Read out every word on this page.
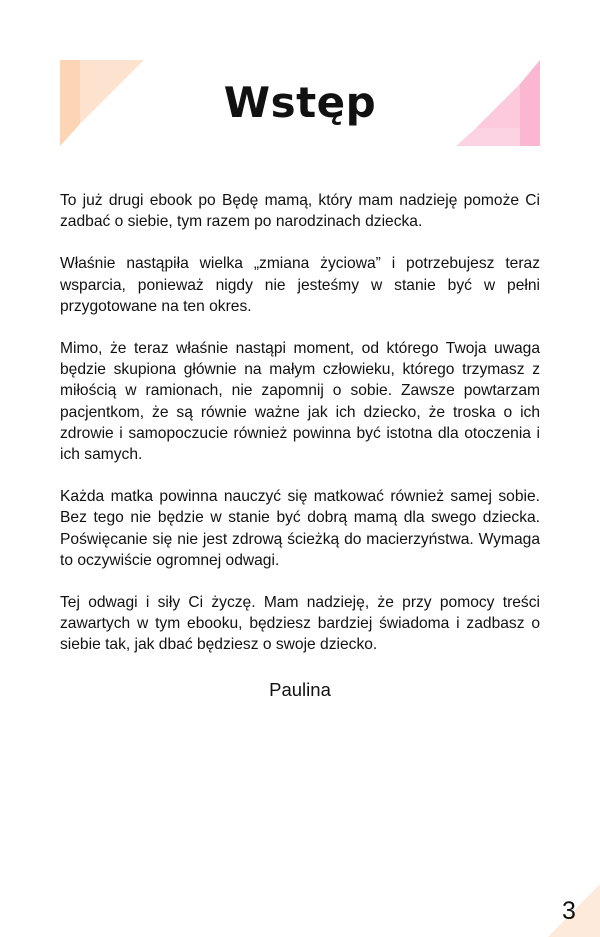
Wstęp

To już drugi ebook po Będę mamą, który mam nadzieję pomoże Ci zadbać o siebie, tym razem po narodzinach dziecka.

Właśnie nastąpiła wielka „zmiana życiowa” i potrzebujesz teraz wsparcia, ponieważ nigdy nie jesteśmy w stanie być w pełni przygotowane na ten okres.

Mimo, że teraz właśnie nastąpi moment, od którego Twoja uwaga będzie skupiona głównie na małym człowieku, którego trzymasz z miłością w ramionach, nie zapomnij o sobie. Zawsze powtarzam pacjentkom, że są równie ważne jak ich dziecko, że troska o ich zdrowie i samopoczucie również powinna być istotna dla otoczenia i ich samych.

Każda matka powinna nauczyć się matkować również samej sobie. Bez tego nie będzie w stanie być dobrą mamą dla swego dziecka. Poświęcanie się nie jest zdrową ścieżką do macierzyństwa. Wymaga to oczywiście ogromnej odwagi.

Tej odwagi i siły Ci życzę. Mam nadzieję, że przy pomocy treści zawartych w tym ebooku, będziesz bardziej świadoma i zadbasz o siebie tak, jak dbać będziesz o swoje dziecko.

Paulina
3
